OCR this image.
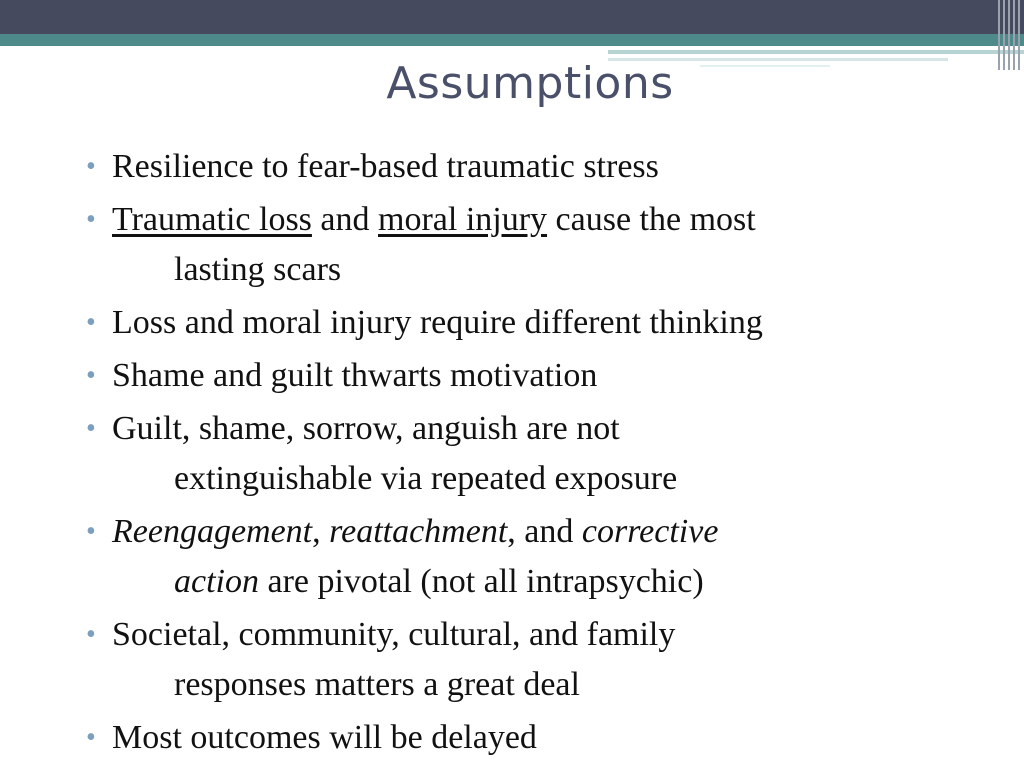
Assumptions
• Resilience to fear-based traumatic stress
• Traumatic loss and moral injury cause the most
lasting scars
• Loss and moral injury require different thinking
• Shame and guilt thwarts motivation
• Guilt, shame, sorrow, anguish are not
extinguishable via repeated exposure
• Reengagement, reattachment, and corrective
action are pivotal (not all intrapsychic)
• Societal, community, cultural, and family
responses matters a great deal
• Most outcomes will be delayed
